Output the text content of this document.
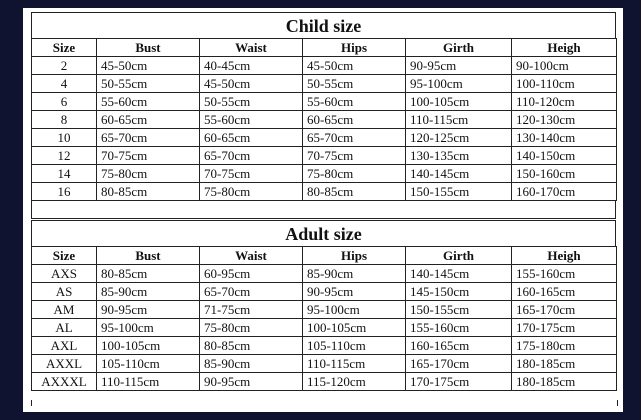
Child size
Size	Bust	Waist	Hips	Girth	Heigh
2	45-50cm	40-45cm	45-50cm	90-95cm	90-100cm
4	50-55cm	45-50cm	50-55cm	95-100cm	100-110cm
6	55-60cm	50-55cm	55-60cm	100-105cm	110-120cm
8	60-65cm	55-60cm	60-65cm	110-115cm	120-130cm
10	65-70cm	60-65cm	65-70cm	120-125cm	130-140cm
12	70-75cm	65-70cm	70-75cm	130-135cm	140-150cm
14	75-80cm	70-75cm	75-80cm	140-145cm	150-160cm
16	80-85cm	75-80cm	80-85cm	150-155cm	160-170cm
Adult size
Size	Bust	Waist	Hips	Girth	Heigh
AXS	80-85cm	60-95cm	85-90cm	140-145cm	155-160cm
AS	85-90cm	65-70cm	90-95cm	145-150cm	160-165cm
AM	90-95cm	71-75cm	95-100cm	150-155cm	165-170cm
AL	95-100cm	75-80cm	100-105cm	155-160cm	170-175cm
AXL	100-105cm	80-85cm	105-110cm	160-165cm	175-180cm
AXXL	105-110cm	85-90cm	110-115cm	165-170cm	180-185cm
AXXXL	110-115cm	90-95cm	115-120cm	170-175cm	180-185cm
